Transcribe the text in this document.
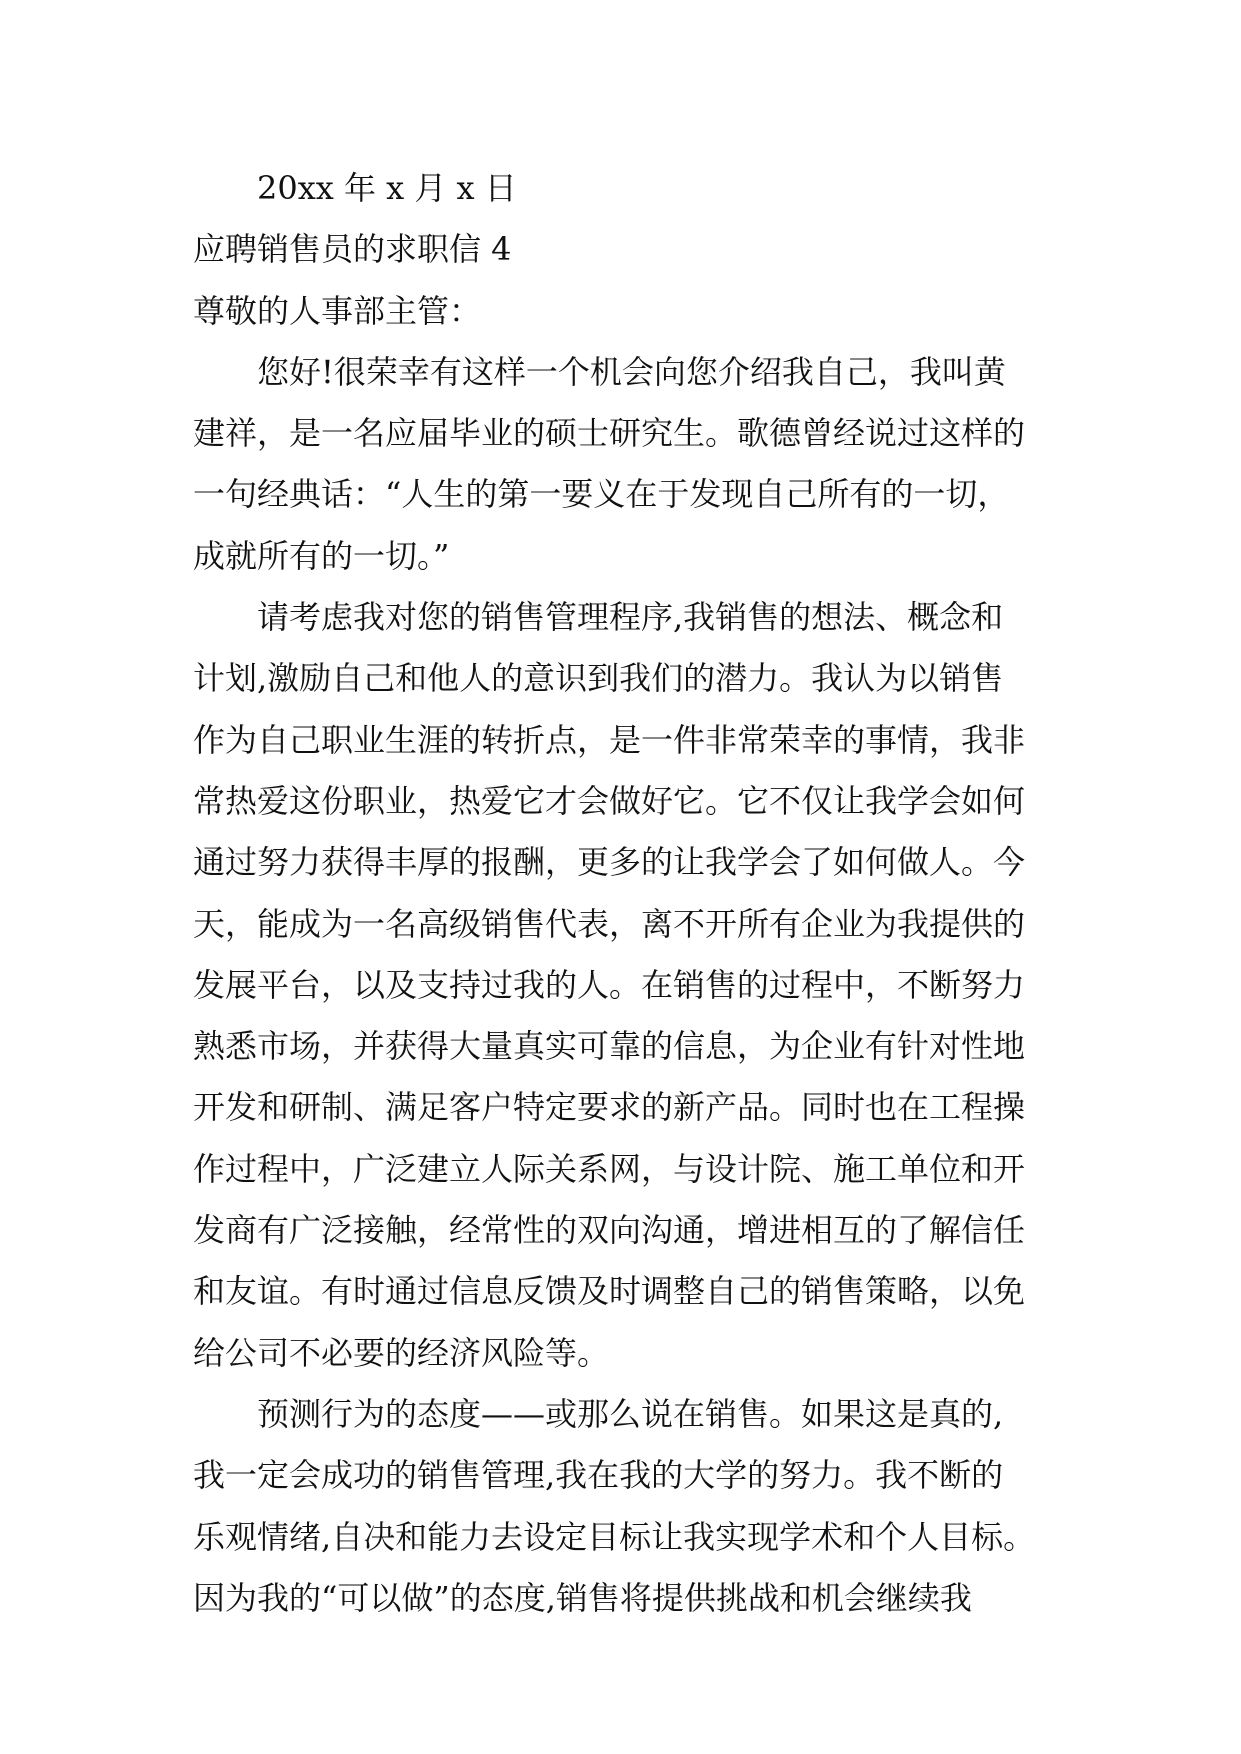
20xx 年 x 月 x 日
应聘销售员的求职信 4
尊敬的人事部主管：
您好!很荣幸有这样一个机会向您介绍我自己，我叫黄
建祥，是一名应届毕业的硕士研究生。歌德曾经说过这样的
一句经典话：“人生的第一要义在于发现自己所有的一切，
成就所有的一切。”
请考虑我对您的销售管理程序,我销售的想法、概念和
计划,激励自己和他人的意识到我们的潜力。我认为以销售
作为自己职业生涯的转折点，是一件非常荣幸的事情，我非
常热爱这份职业，热爱它才会做好它。它不仅让我学会如何
通过努力获得丰厚的报酬，更多的让我学会了如何做人。今
天，能成为一名高级销售代表，离不开所有企业为我提供的
发展平台，以及支持过我的人。在销售的过程中，不断努力
熟悉市场，并获得大量真实可靠的信息，为企业有针对性地
开发和研制、满足客户特定要求的新产品。同时也在工程操
作过程中，广泛建立人际关系网，与设计院、施工单位和开
发商有广泛接触，经常性的双向沟通，增进相互的了解信任
和友谊。有时通过信息反馈及时调整自己的销售策略，以免
给公司不必要的经济风险等。
预测行为的态度——或那么说在销售。如果这是真的,
我一定会成功的销售管理,我在我的大学的努力。我不断的
乐观情绪,自决和能力去设定目标让我实现学术和个人目标。
因为我的“可以做”的态度,销售将提供挑战和机会继续我
